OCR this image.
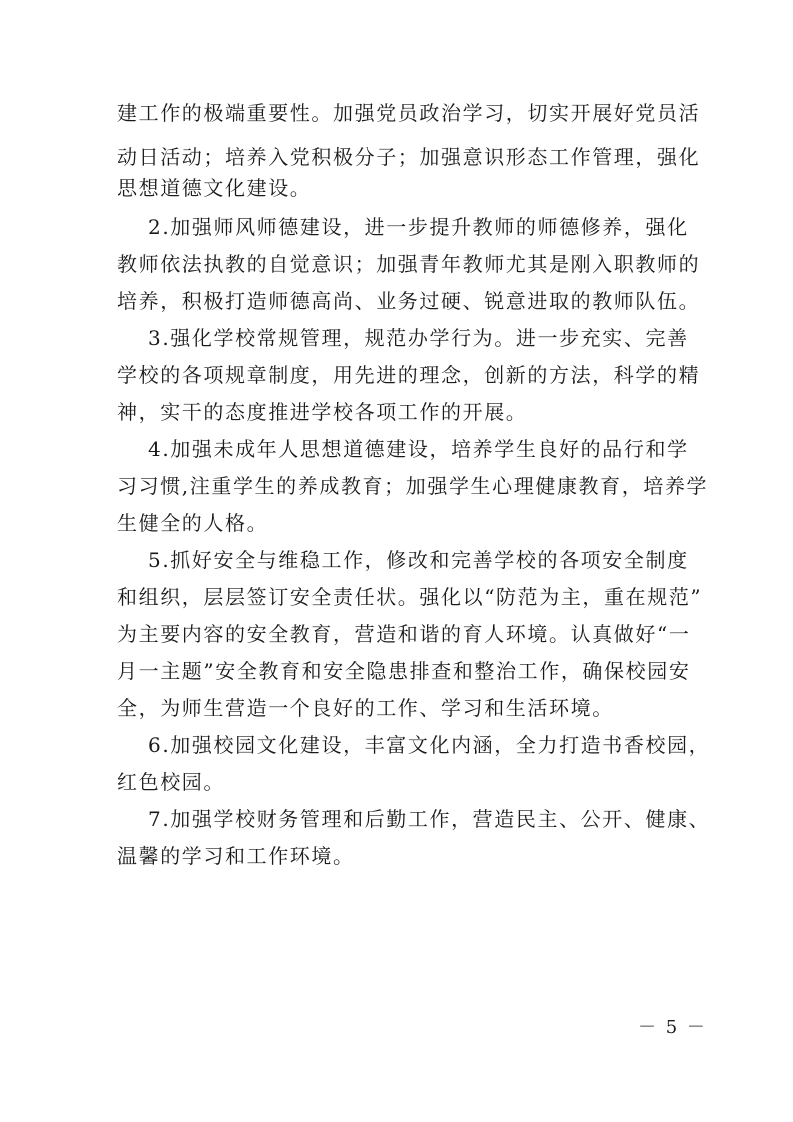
建工作的极端重要性。加强党员政治学习，切实开展好党员活
动日活动；培养入党积极分子；加强意识形态工作管理，强化
思想道德文化建设。
2.加强师风师德建设，进一步提升教师的师德修养，强化
教师依法执教的自觉意识；加强青年教师尤其是刚入职教师的
培养，积极打造师德高尚、业务过硬、锐意进取的教师队伍。
3.强化学校常规管理，规范办学行为。进一步充实、完善
学校的各项规章制度，用先进的理念，创新的方法，科学的精
神，实干的态度推进学校各项工作的开展。
4.加强未成年人思想道德建设，培养学生良好的品行和学
习习惯,注重学生的养成教育；加强学生心理健康教育，培养学
生健全的人格。
5.抓好安全与维稳工作，修改和完善学校的各项安全制度
和组织，层层签订安全责任状。强化以“防范为主，重在规范”
为主要内容的安全教育，营造和谐的育人环境。认真做好“一
月一主题”安全教育和安全隐患排查和整治工作，确保校园安
全，为师生营造一个良好的工作、学习和生活环境。
6.加强校园文化建设，丰富文化内涵，全力打造书香校园，
红色校园。
7.加强学校财务管理和后勤工作，营造民主、公开、健康、
温馨的学习和工作环境。
－ 5 －
